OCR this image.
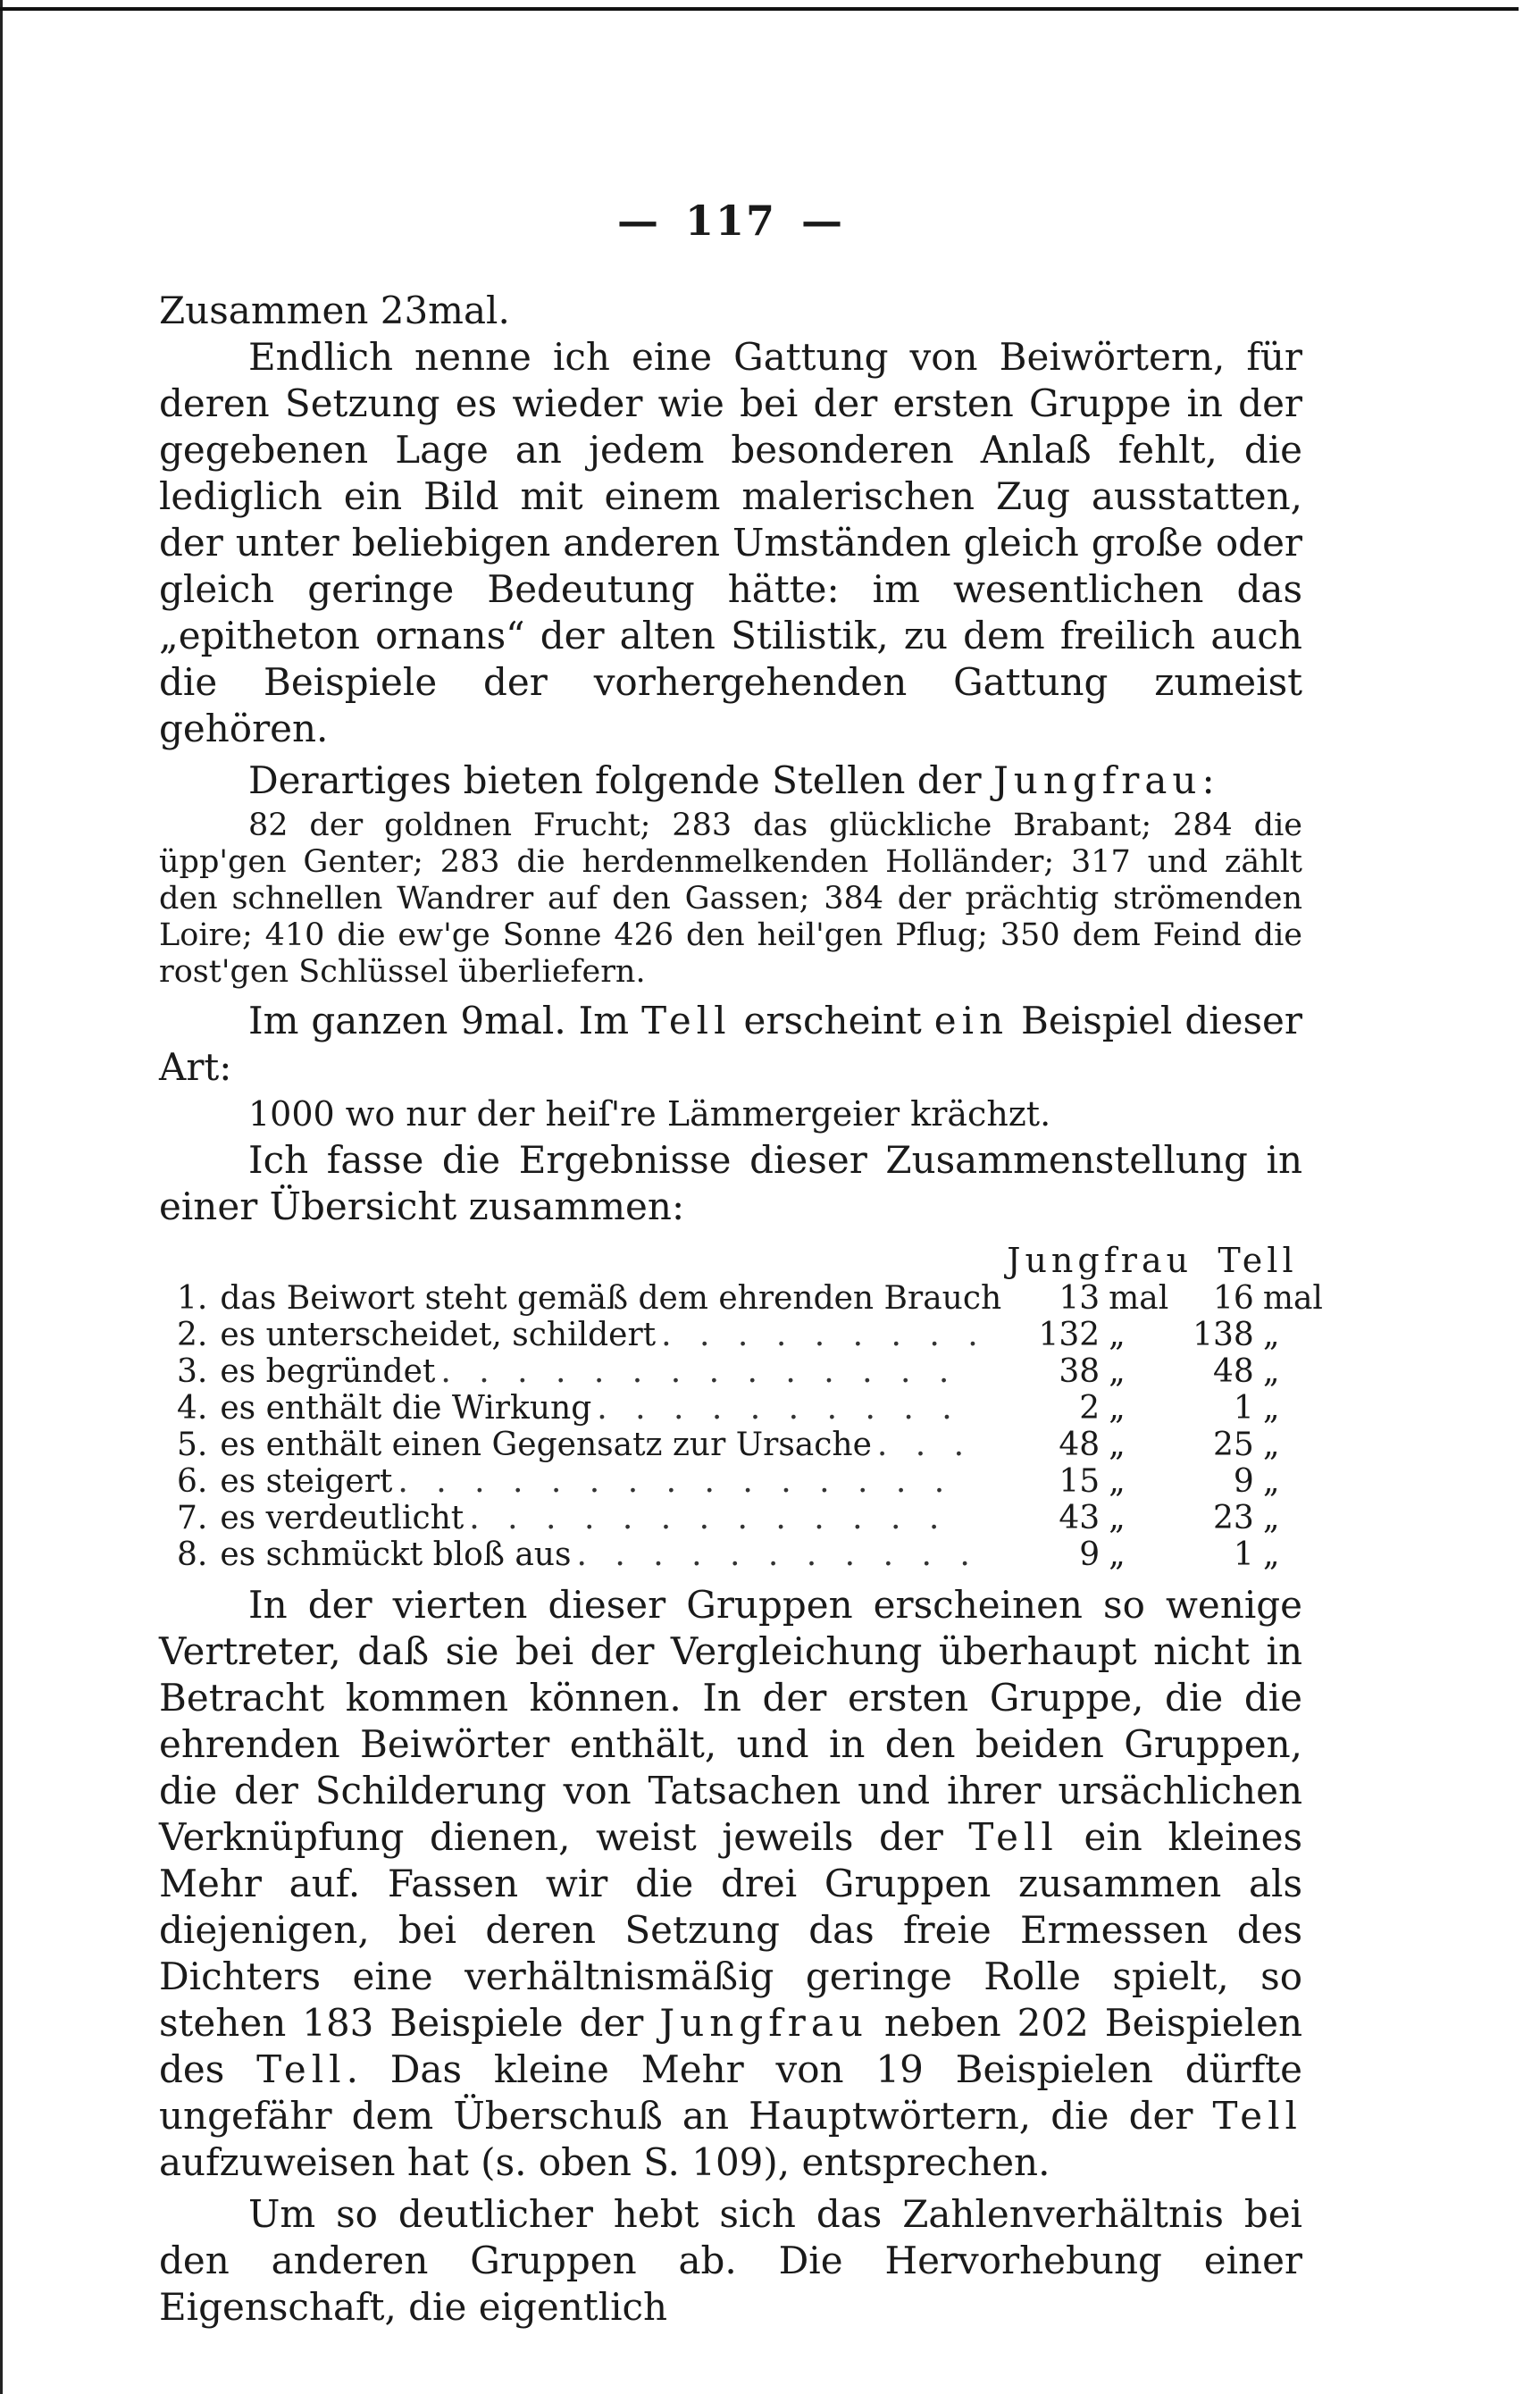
— 117 —

Zusammen 23mal.

Endlich nenne ich eine Gattung von Beiwörtern, für deren Setzung es wieder wie bei der ersten Gruppe in der gegebenen Lage an jedem besonderen Anlaß fehlt, die lediglich ein Bild mit einem malerischen Zug ausstatten, der unter beliebigen anderen Umständen gleich große oder gleich geringe Bedeutung hätte: im wesentlichen das „epitheton ornans“ der alten Stilistik, zu dem freilich auch die Beispiele der vorhergehenden Gattung zumeist gehören.

Derartiges bieten folgende Stellen der Jungfrau:

82 der goldnen Frucht; 283 das glückliche Brabant; 284 die üpp'gen Genter; 283 die herdenmelkenden Holländer; 317 und zählt den schnellen Wandrer auf den Gassen; 384 der prächtig strömenden Loire; 410 die ew'ge Sonne 426 den heil'gen Pflug; 350 dem Feind die rost'gen Schlüssel überliefern.

Im ganzen 9mal. Im Tell erscheint ein Beispiel dieser Art:

1000 wo nur der heiſ're Lämmergeier krächzt.

Ich fasse die Ergebnisse dieser Zusammenstellung in einer Übersicht zusammen:

		Jungfrau		Tell	
1.	das Beiwort steht gemäß dem ehrenden Brauch	13	mal	16	mal
2.	es unterscheidet, schildert . . . . . . . . .	132	„	138	„
3.	es begründet . . . . . . . . . . . . . .	38	„	48	„
4.	es enthält die Wirkung . . . . . . . . . .	2	„	1	„
5.	es enthält einen Gegensatz zur Ursache . . .	48	„	25	„
6.	es steigert . . . . . . . . . . . . . . .	15	„	9	„
7.	es verdeutlicht . . . . . . . . . . . . .	43	„	23	„
8.	es schmückt bloß aus . . . . . . . . . . .	9	„	1	„

In der vierten dieser Gruppen erscheinen so wenige Vertreter, daß sie bei der Vergleichung überhaupt nicht in Betracht kommen können. In der ersten Gruppe, die die ehrenden Beiwörter enthält, und in den beiden Gruppen, die der Schilderung von Tatsachen und ihrer ursächlichen Verknüpfung dienen, weist jeweils der Tell ein kleines Mehr auf. Fassen wir die drei Gruppen zusammen als diejenigen, bei deren Setzung das freie Ermessen des Dichters eine verhältnismäßig geringe Rolle spielt, so stehen 183 Beispiele der Jungfrau neben 202 Beispielen des Tell. Das kleine Mehr von 19 Beispielen dürfte ungefähr dem Überschuß an Hauptwörtern, die der Tell aufzuweisen hat (s. oben S. 109), entsprechen.

Um so deutlicher hebt sich das Zahlenverhältnis bei den anderen Gruppen ab. Die Hervorhebung einer Eigenschaft, die eigentlich
